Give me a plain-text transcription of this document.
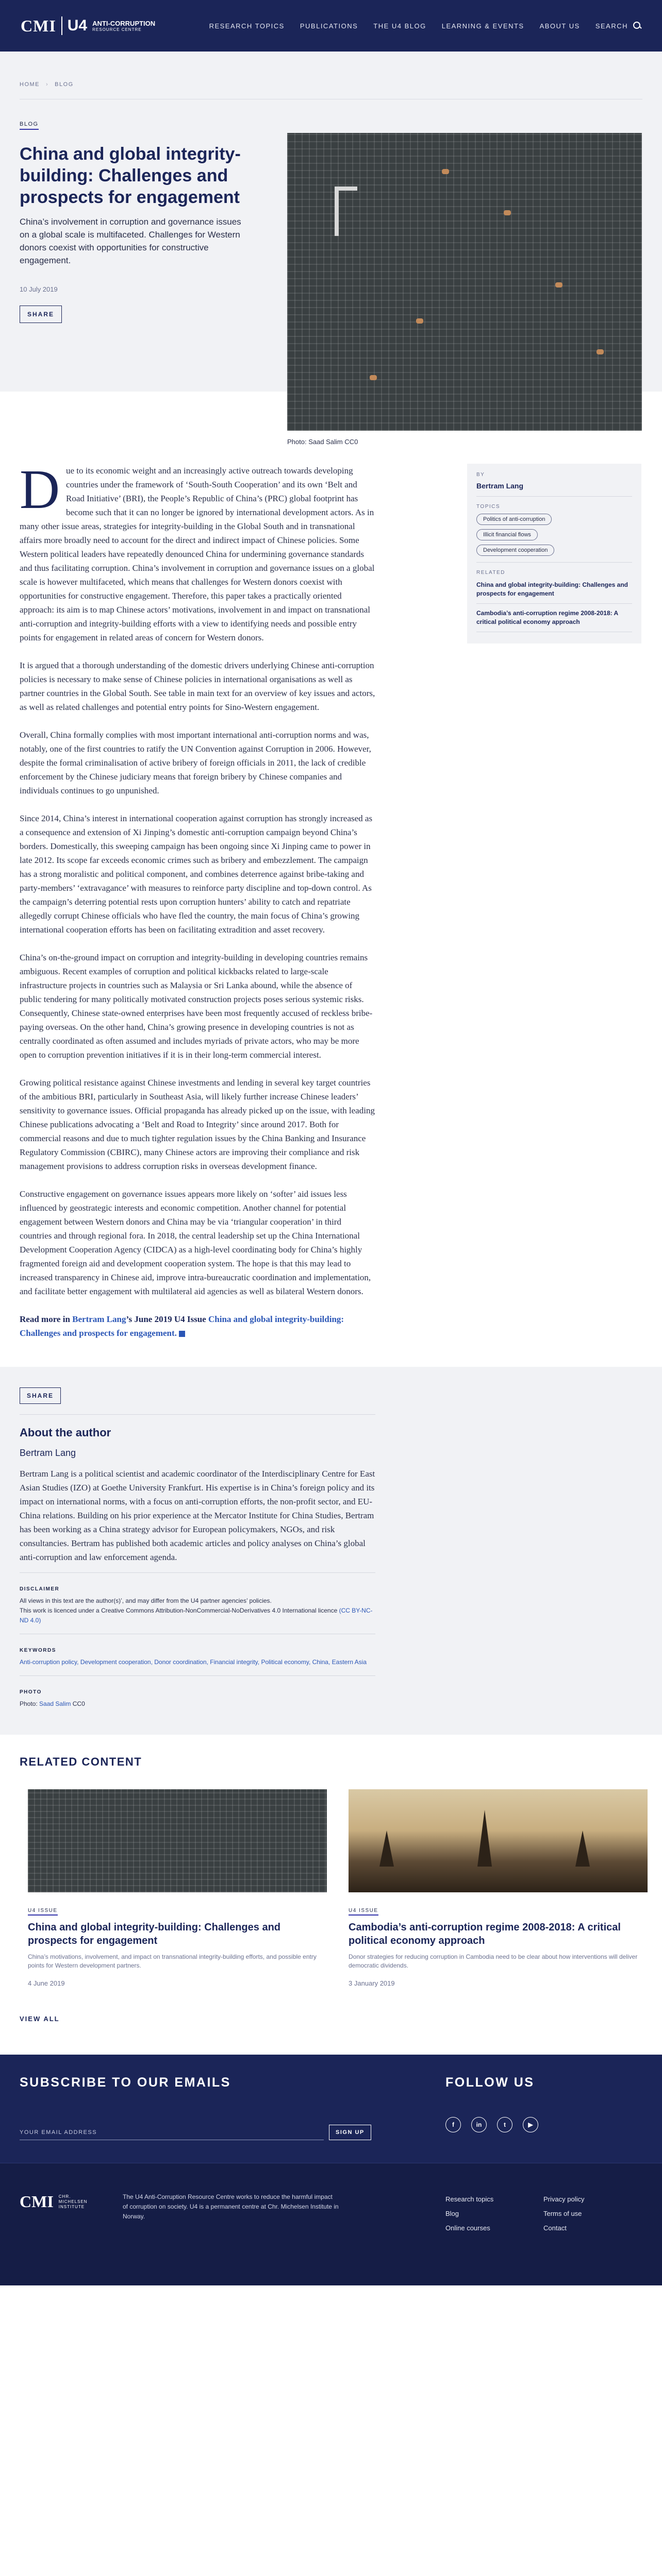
CMI U4 ANTI-CORRUPTION
RESOURCE CENTRE	RESEARCH TOPICS PUBLICATIONS THE U4 BLOG LEARNING & EVENTS ABOUT US SEARCH
HOME › BLOG
BLOG
China and global integrity-building: Challenges and prospects for engagement

China’s involvement in corruption and governance issues on a global scale is multifaceted. Challenges for Western donors coexist with opportunities for constructive engagement.

10 July 2019
SHARE
Photo: Saad Salim CC0

Due to its economic weight and an increasingly active outreach towards developing countries under the framework of ‘South-South Cooperation’ and its own ‘Belt and Road Initiative’ (BRI), the People’s Republic of China’s (PRC) global footprint has become such that it can no longer be ignored by international development actors. As in many other issue areas, strategies for integrity-building in the Global South and in transnational affairs more broadly need to account for the direct and indirect impact of Chinese policies. Some Western political leaders have repeatedly denounced China for undermining governance standards and thus facilitating corruption. China’s involvement in corruption and governance issues on a global scale is however multifaceted, which means that challenges for Western donors coexist with opportunities for constructive engagement. Therefore, this paper takes a practically oriented approach: its aim is to map Chinese actors’ motivations, involvement in and impact on transnational anti-corruption and integrity-building efforts with a view to identifying needs and possible entry points for engagement in related areas of concern for Western donors.

It is argued that a thorough understanding of the domestic drivers underlying Chinese anti-corruption policies is necessary to make sense of Chinese policies in international organisations as well as partner countries in the Global South. See table in main text for an overview of key issues and actors, as well as related challenges and potential entry points for Sino-Western engagement.

Overall, China formally complies with most important international anti-corruption norms and was, notably, one of the first countries to ratify the UN Convention against Corruption in 2006. However, despite the formal criminalisation of active bribery of foreign officials in 2011, the lack of credible enforcement by the Chinese judiciary means that foreign bribery by Chinese companies and individuals continues to go unpunished.

Since 2014, China’s interest in international cooperation against corruption has strongly increased as a consequence and extension of Xi Jinping’s domestic anti-corruption campaign beyond China’s borders. Domestically, this sweeping campaign has been ongoing since Xi Jinping came to power in late 2012. Its scope far exceeds economic crimes such as bribery and embezzlement. The campaign has a strong moralistic and political component, and combines deterrence against bribe-taking and party-members’ ‘extravagance’ with measures to reinforce party discipline and top-down control. As the campaign’s deterring potential rests upon corruption hunters’ ability to catch and repatriate allegedly corrupt Chinese officials who have fled the country, the main focus of China’s growing international cooperation efforts has been on facilitating extradition and asset recovery.

China’s on-the-ground impact on corruption and integrity-building in developing countries remains ambiguous. Recent examples of corruption and political kickbacks related to large-scale infrastructure projects in countries such as Malaysia or Sri Lanka abound, while the absence of public tendering for many politically motivated construction projects poses serious systemic risks. Consequently, Chinese state-owned enterprises have been most frequently accused of reckless bribe-paying overseas. On the other hand, China’s growing presence in developing countries is not as centrally coordinated as often assumed and includes myriads of private actors, who may be more open to corruption prevention initiatives if it is in their long-term commercial interest.

Growing political resistance against Chinese investments and lending in several key target countries of the ambitious BRI, particularly in Southeast Asia, will likely further increase Chinese leaders’ sensitivity to governance issues. Official propaganda has already picked up on the issue, with leading Chinese publications advocating a ‘Belt and Road to Integrity’ since around 2017. Both for commercial reasons and due to much tighter regulation issues by the China Banking and Insurance Regulatory Commission (CBIRC), many Chinese actors are improving their compliance and risk management provisions to address corruption risks in overseas development finance.

Constructive engagement on governance issues appears more likely on ‘softer’ aid issues less influenced by geostrategic interests and economic competition. Another channel for potential engagement between Western donors and China may be via ‘triangular cooperation’ in third countries and through regional fora. In 2018, the central leadership set up the China International Development Cooperation Agency (CIDCA) as a high-level coordinating body for China’s highly fragmented foreign aid and development cooperation system. The hope is that this may lead to increased transparency in Chinese aid, improve intra-bureaucratic coordination and implementation, and facilitate better engagement with multilateral aid agencies as well as bilateral Western donors.

Read more in Bertram Lang’s June 2019 U4 Issue China and global integrity-building: Challenges and prospects for engagement.

BY
Bertram Lang
TOPICS
Politics of anti-corruption
Illicit financial flows
Development cooperation
RELATED
China and global integrity-building: Challenges and prospects for engagement
Cambodia’s anti-corruption regime 2008-2018: A critical political economy approach
SHARE
About the author
Bertram Lang

Bertram Lang is a political scientist and academic coordinator of the Interdisciplinary Centre for East Asian Studies (IZO) at Goethe University Frankfurt. His expertise is in China’s foreign policy and its impact on international norms, with a focus on anti-corruption efforts, the non-profit sector, and EU-China relations. Building on his prior experience at the Mercator Institute for China Studies, Bertram has been working as a China strategy advisor for European policymakers, NGOs, and risk consultancies. Bertram has published both academic articles and policy analyses on China’s global anti-corruption and law enforcement agenda.

DISCLAIMER
All views in this text are the author(s)’, and may differ from the U4 partner agencies’ policies.
This work is licenced under a Creative Commons Attribution-NonCommercial-NoDerivatives 4.0 International licence (CC BY-NC-ND 4.0)
KEYWORDS
Anti-corruption policy, Development cooperation, Donor coordination, Financial integrity, Political economy, China, Eastern Asia
PHOTO
Photo: Saad Salim CC0
RELATED CONTENT
U4 ISSUE
China and global integrity-building: Challenges and prospects for engagement

China’s motivations, involvement, and impact on transnational integrity-building efforts, and possible entry points for Western development partners.

4 June 2019
U4 ISSUE
Cambodia’s anti-corruption regime 2008-2018: A critical political economy approach

Donor strategies for reducing corruption in Cambodia need to be clear about how interventions will deliver democratic dividends.

3 January 2019
VIEW ALL
SUBSCRIBE TO OUR EMAILS
YOUR EMAIL ADDRESS
SIGN UP
FOLLOW US
f	in	t	▶
CMI CHR.
MICHELSEN
INSTITUTE

The U4 Anti-Corruption Resource Centre works to reduce the harmful impact of corruption on society. U4 is a permanent centre at Chr. Michelsen Institute in Norway.

Research topics
Blog
Online courses
Privacy policy
Terms of use
Contact
